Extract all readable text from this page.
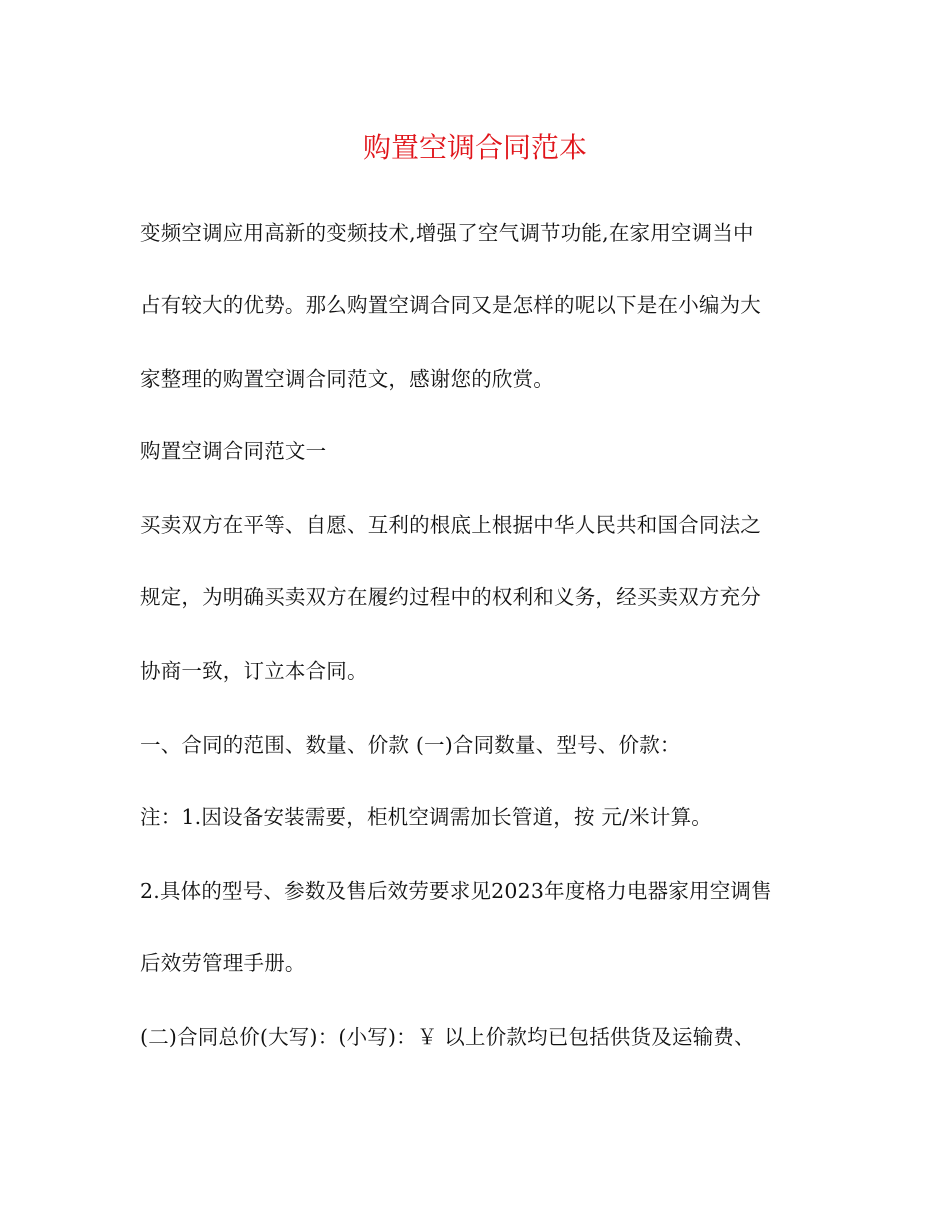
购置空调合同范本

变频空调应用高新的变频技术,增强了空气调节功能,在家用空调当中

占有较大的优势。那么购置空调合同又是怎样的呢以下是在小编为大

家整理的购置空调合同范文，感谢您的欣赏。

购置空调合同范文一

买卖双方在平等、自愿、互利的根底上根据中华人民共和国合同法之

规定，为明确买卖双方在履约过程中的权利和义务，经买卖双方充分

协商一致，订立本合同。

一、合同的范围、数量、价款 (一)合同数量、型号、价款：

注：1.因设备安装需要，柜机空调需加长管道，按 元/米计算。

2.具体的型号、参数及售后效劳要求见2023年度格力电器家用空调售

后效劳管理手册。

(二)合同总价(大写)：(小写)：￥ 以上价款均已包括供货及运输费、
